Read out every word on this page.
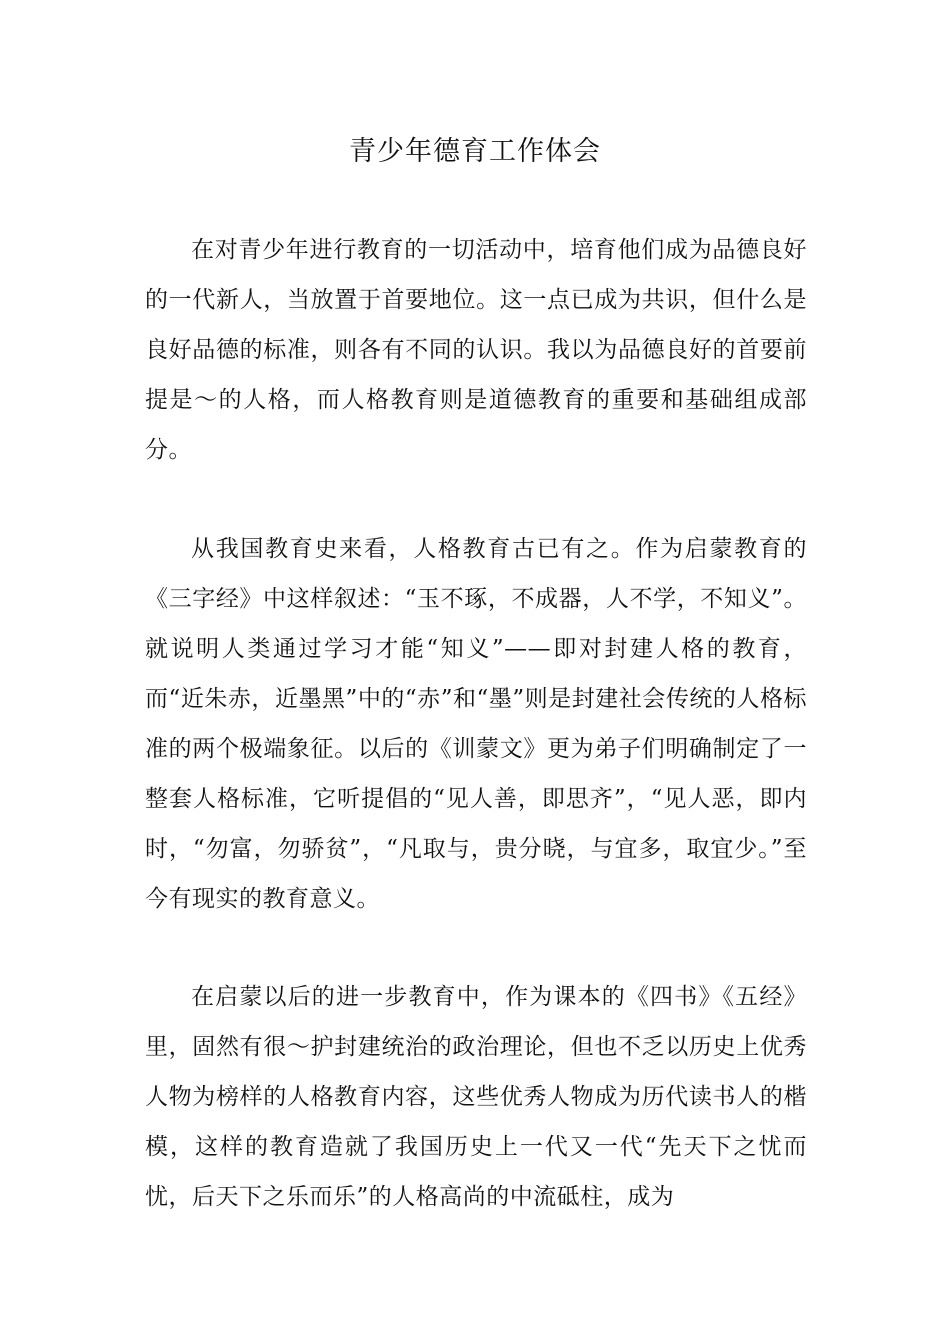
青少年德育工作体会

在对青少年进行教育的一切活动中，培育他们成为品德良好的一代新人，当放置于首要地位。这一点已成为共识，但什么是良好品德的标准，则各有不同的认识。我以为品德良好的首要前提是～的人格，而人格教育则是道德教育的重要和基础组成部分。

从我国教育史来看，人格教育古已有之。作为启蒙教育的《三字经》中这样叙述：“玉不琢，不成器，人不学，不知义”。就说明人类通过学习才能“知义”——即对封建人格的教育，而“近朱赤，近墨黑”中的“赤”和“墨”则是封建社会传统的人格标准的两个极端象征。以后的《训蒙文》更为弟子们明确制定了一整套人格标准，它听提倡的“见人善，即思齐”，“见人恶，即内时，“勿富，勿骄贫”，“凡取与，贵分晓，与宜多，取宜少。”至今有现实的教育意义。

在启蒙以后的进一步教育中，作为课本的《四书》《五经》里，固然有很～护封建统治的政治理论，但也不乏以历史上优秀人物为榜样的人格教育内容，这些优秀人物成为历代读书人的楷模，这样的教育造就了我国历史上一代又一代“先天下之忧而忧，后天下之乐而乐”的人格高尚的中流砥柱，成为
